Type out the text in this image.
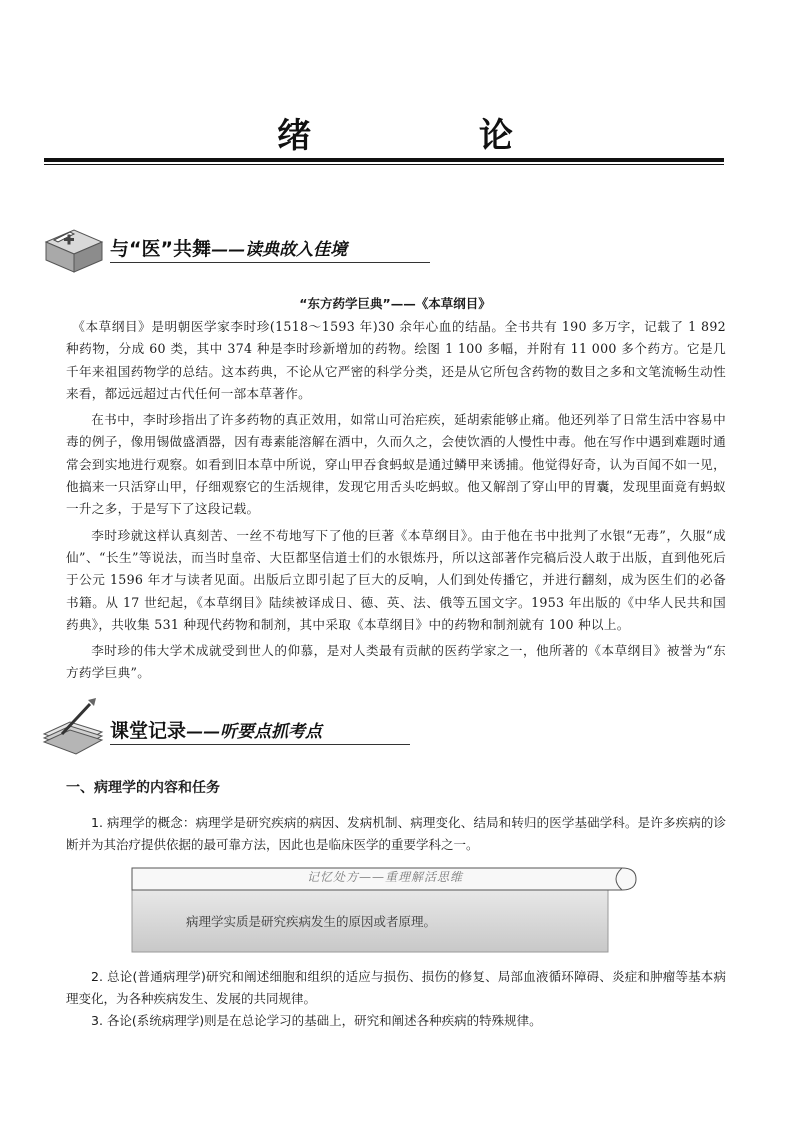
绪 论
与“医”共舞——读典故入佳境
“东方药学巨典”——《本草纲目》

《本草纲目》是明朝医学家李时珍(1518～1593 年)30 余年心血的结晶。全书共有 190 多万字，记载了 1 892 种药物，分成 60 类，其中 374 种是李时珍新增加的药物。绘图 1 100 多幅，并附有 11 000 多个药方。它是几千年来祖国药物学的总结。这本药典，不论从它严密的科学分类，还是从它所包含药物的数目之多和文笔流畅生动性来看，都远远超过古代任何一部本草著作。

在书中，李时珍指出了许多药物的真正效用，如常山可治疟疾，延胡索能够止痛。他还列举了日常生活中容易中毒的例子，像用锡做盛酒器，因有毒素能溶解在酒中，久而久之，会使饮酒的人慢性中毒。他在写作中遇到难题时通常会到实地进行观察。如看到旧本草中所说，穿山甲吞食蚂蚁是通过鳞甲来诱捕。他觉得好奇，认为百闻不如一见，他搞来一只活穿山甲，仔细观察它的生活规律，发现它用舌头吃蚂蚁。他又解剖了穿山甲的胃囊，发现里面竟有蚂蚁一升之多，于是写下了这段记载。

李时珍就这样认真刻苦、一丝不苟地写下了他的巨著《本草纲目》。由于他在书中批判了水银“无毒”，久服“成仙”、“长生”等说法，而当时皇帝、大臣都坚信道士们的水银炼丹，所以这部著作完稿后没人敢于出版，直到他死后于公元 1596 年才与读者见面。出版后立即引起了巨大的反响，人们到处传播它，并进行翻刻，成为医生们的必备书籍。从 17 世纪起，《本草纲目》陆续被译成日、德、英、法、俄等五国文字。1953 年出版的《中华人民共和国药典》，共收集 531 种现代药物和制剂，其中采取《本草纲目》中的药物和制剂就有 100 种以上。

李时珍的伟大学术成就受到世人的仰慕，是对人类最有贡献的医药学家之一，他所著的《本草纲目》被誉为“东方药学巨典”。

课堂记录——听要点抓考点
一、病理学的内容和任务

1. 病理学的概念：病理学是研究疾病的病因、发病机制、病理变化、结局和转归的医学基础学科。是许多疾病的诊断并为其治疗提供依据的最可靠方法，因此也是临床医学的重要学科之一。

记忆处方——重理解活思维
病理学实质是研究疾病发生的原因或者原理。

2. 总论(普通病理学)研究和阐述细胞和组织的适应与损伤、损伤的修复、局部血液循环障碍、炎症和肿瘤等基本病理变化，为各种疾病发生、发展的共同规律。

3. 各论(系统病理学)则是在总论学习的基础上，研究和阐述各种疾病的特殊规律。
